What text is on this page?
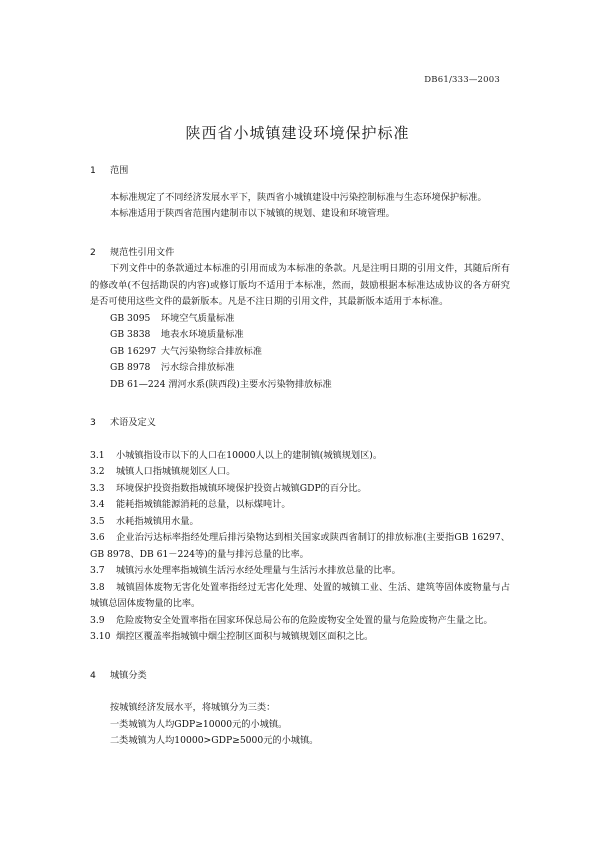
DB61/333—2003
陕西省小城镇建设环境保护标准
1 范围

本标准规定了不同经济发展水平下，陕西省小城镇建设中污染控制标准与生态环境保护标准。

本标准适用于陕西省范围内建制市以下城镇的规划、建设和环境管理。

2 规范性引用文件

下列文件中的条款通过本标准的引用而成为本标准的条款。凡是注明日期的引用文件，其随后所有的修改单(不包括勘误的内容)或修订版均不适用于本标准，然而，鼓励根据本标准达成协议的各方研究是否可使用这些文件的最新版本。凡是不注日期的引用文件，其最新版本适用于本标准。

GB 3095 环境空气质量标准
GB 3838 地表水环境质量标准
GB 16297 大气污染物综合排放标准
GB 8978 污水综合排放标准
DB 61—224 渭河水系(陕西段)主要水污染物排放标准
3 术语及定义
3.1 小城镇指设市以下的人口在10000人以上的建制镇(城镇规划区)。
3.2 城镇人口指城镇规划区人口。
3.3 环境保护投资指数指城镇环境保护投资占城镇GDP的百分比。
3.4 能耗指城镇能源消耗的总量，以标煤吨计。
3.5 水耗指城镇用水量。
3.6 企业治污达标率指经处理后排污染物达到相关国家或陕西省制订的排放标准(主要指GB 16297、GB 8978、DB 61－224等)的量与排污总量的比率。
3.7 城镇污水处理率指城镇生活污水经处理量与生活污水排放总量的比率。
3.8 城镇固体废物无害化处置率指经过无害化处理、处置的城镇工业、生活、建筑等固体废物量与占城镇总固体废物量的比率。
3.9 危险废物安全处置率指在国家环保总局公布的危险废物安全处置的量与危险废物产生量之比。
3.10 烟控区覆盖率指城镇中烟尘控制区面积与城镇规划区面积之比。
4 城镇分类

按城镇经济发展水平，将城镇分为三类：

一类城镇为人均GDP≥10000元的小城镇。

二类城镇为人均10000>GDP≥5000元的小城镇。
